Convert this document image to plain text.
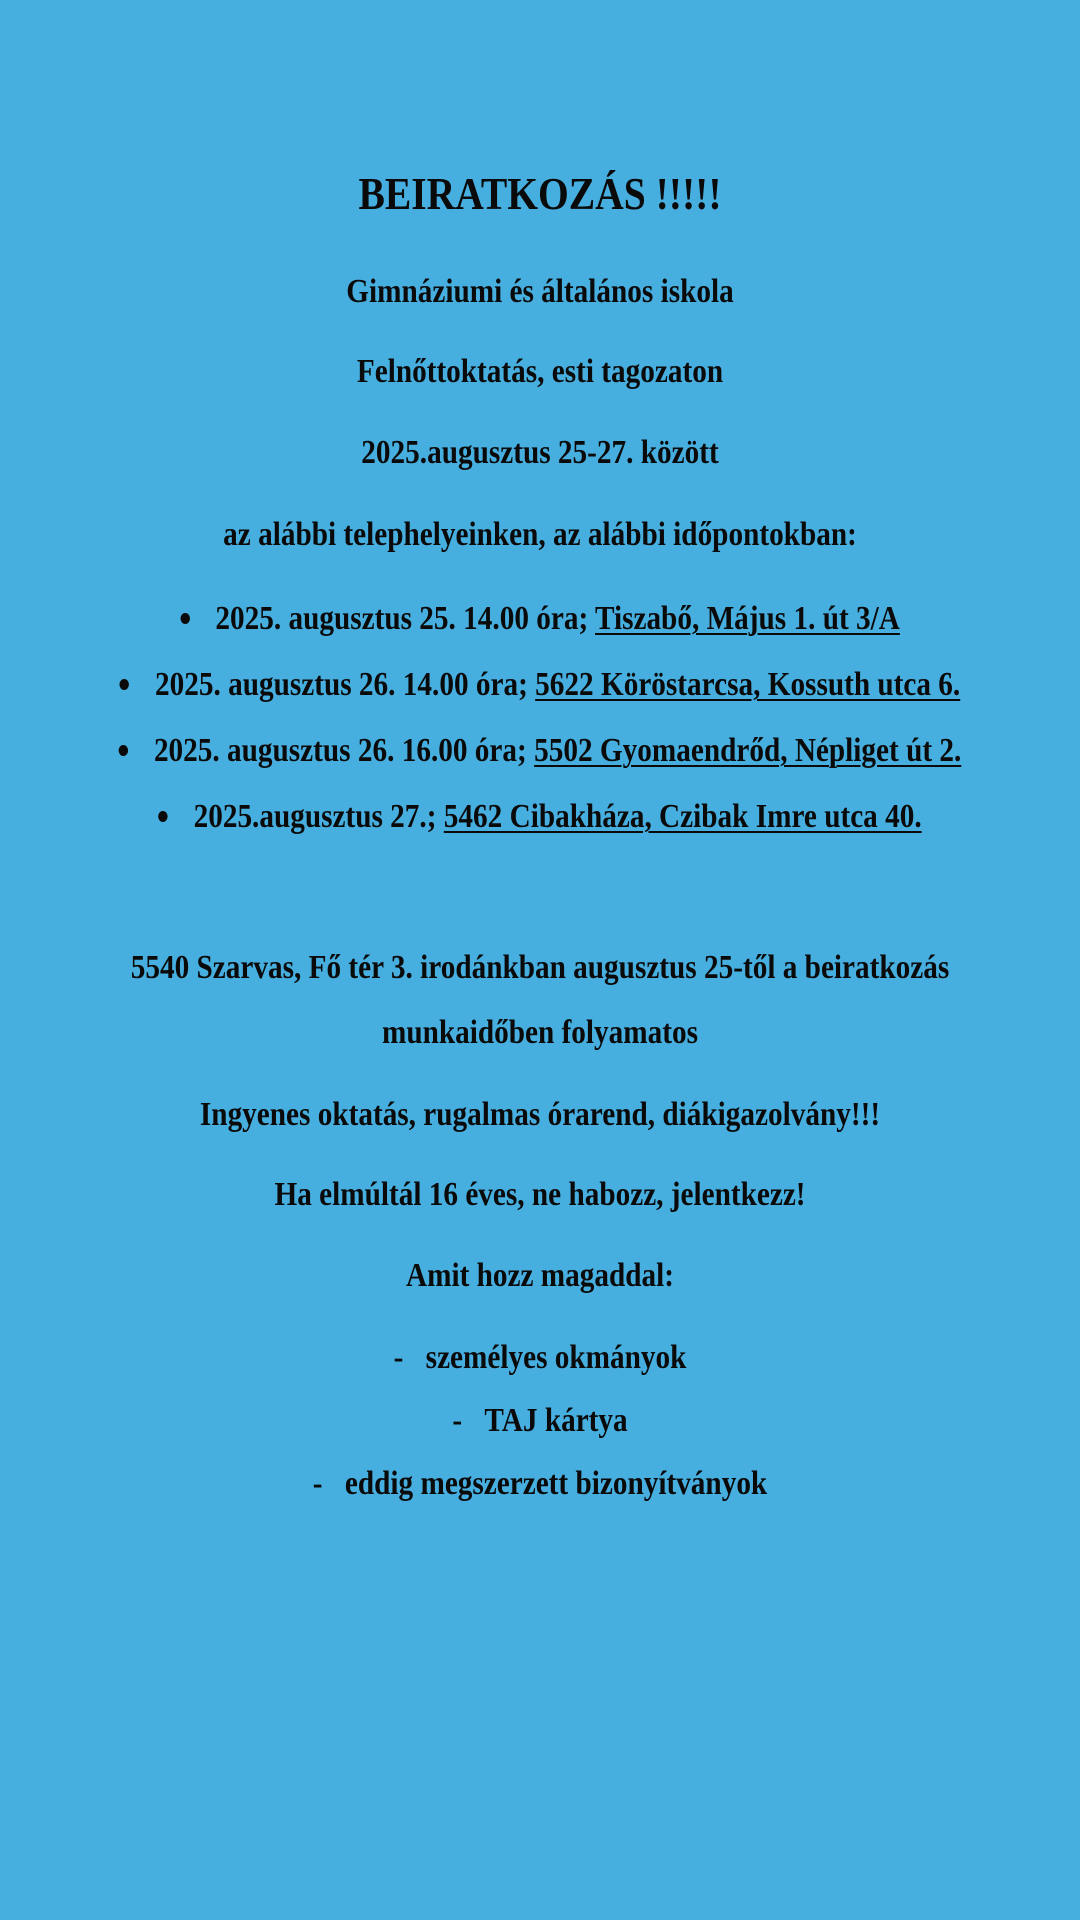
BEIRATKOZÁS !!!!!
Gimnáziumi és általános iskola
Felnőttoktatás, esti tagozaton
2025.augusztus 25-27. között
az alábbi telephelyeinken, az alábbi időpontokban:
2025. augusztus 25. 14.00 óra; Tiszabő, Május 1. út 3/A
2025. augusztus 26. 14.00 óra; 5622 Köröstarcsa, Kossuth utca 6.
2025. augusztus 26. 16.00 óra; 5502 Gyomaendrőd, Népliget út 2.
2025.augusztus 27.; 5462 Cibakháza, Czibak Imre utca 40.
5540 Szarvas, Fő tér 3. irodánkban augusztus 25-től a beiratkozás
munkaidőben folyamatos
Ingyenes oktatás, rugalmas órarend, diákigazolvány!!!
Ha elmúltál 16 éves, ne habozz, jelentkezz!
Amit hozz magaddal:
- személyes okmányok
- TAJ kártya
- eddig megszerzett bizonyítványok
